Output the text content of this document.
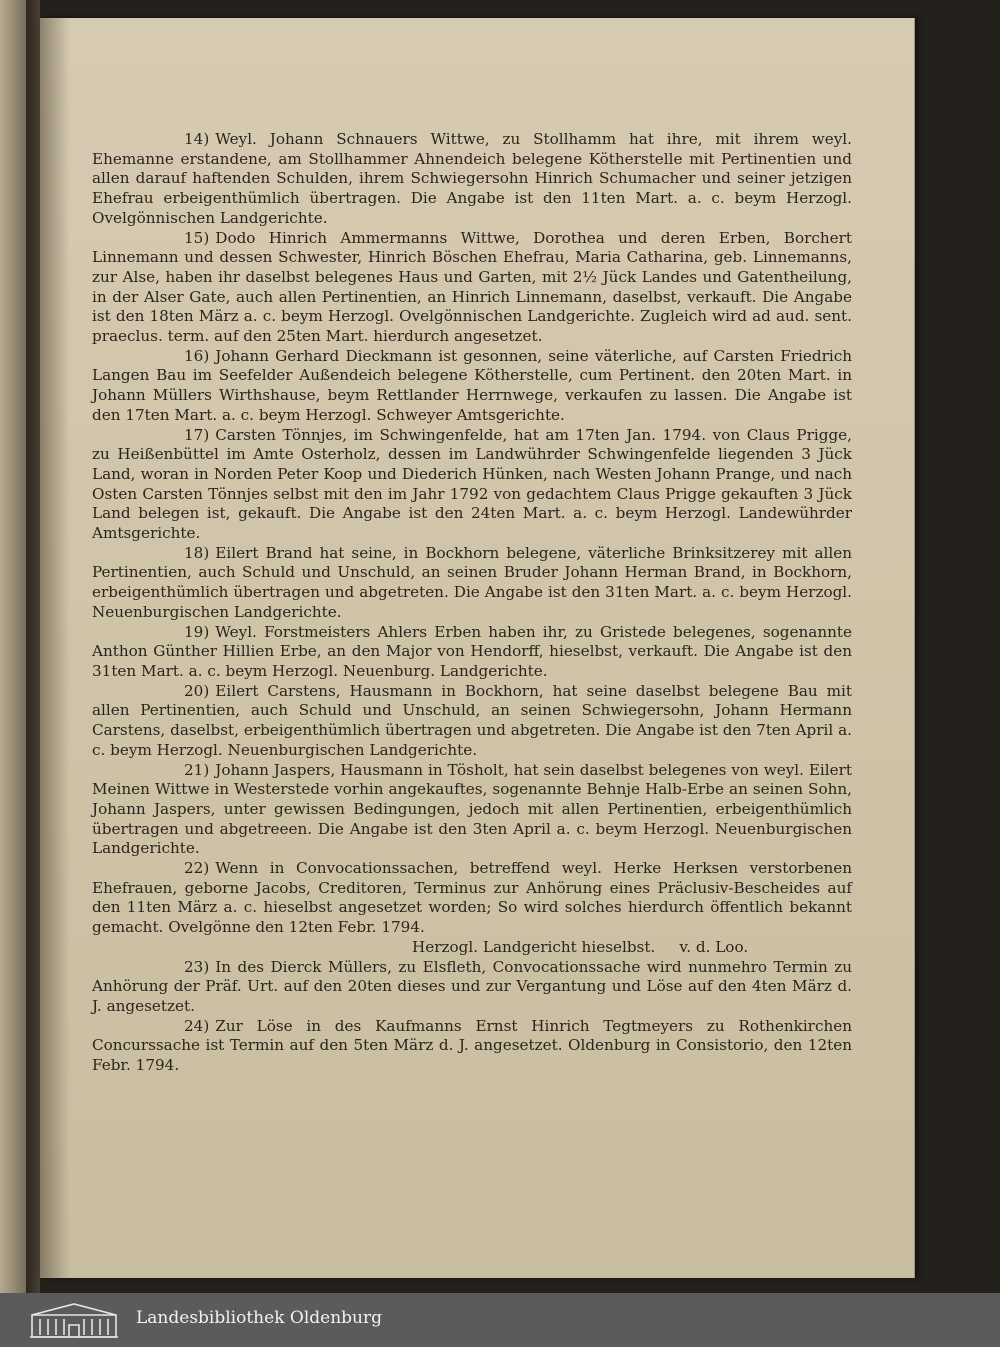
14) Weyl. Johann Schnauers Wittwe, zu Stollhamm hat ihre, mit ihrem weyl. Ehemanne erstandene, am Stollhammer Ahnendeich belegene Kötherstelle mit Pertinentien und allen darauf haftenden Schulden, ihrem Schwiegersohn Hinrich Schumacher und seiner jetzigen Ehefrau erbeigenthümlich übertragen. Die Angabe ist den 11ten Mart. a. c. beym Herzogl. Ovelgönnischen Landgerichte.

15) Dodo Hinrich Ammermanns Wittwe, Dorothea und deren Erben, Borchert Linnemann und dessen Schwester, Hinrich Böschen Ehefrau, Maria Catharina, geb. Linnemanns, zur Alse, haben ihr daselbst belegenes Haus und Garten, mit 2½ Jück Landes und Gatentheilung, in der Alser Gate, auch allen Pertinentien, an Hinrich Linnemann, daselbst, verkauft. Die Angabe ist den 18ten März a. c. beym Herzogl. Ovelgönnischen Landgerichte. Zugleich wird ad aud. sent. praeclus. term. auf den 25ten Mart. hierdurch angesetzet.

16) Johann Gerhard Dieckmann ist gesonnen, seine väterliche, auf Carsten Friedrich Langen Bau im Seefelder Außendeich belegene Kötherstelle, cum Pertinent. den 20ten Mart. in Johann Müllers Wirthshause, beym Rettlander Herrnwege, verkaufen zu lassen. Die Angabe ist den 17ten Mart. a. c. beym Herzogl. Schweyer Amtsgerichte.

17) Carsten Tönnjes, im Schwingenfelde, hat am 17ten Jan. 1794. von Claus Prigge, zu Heißenbüttel im Amte Osterholz, dessen im Landwührder Schwingenfelde liegenden 3 Jück Land, woran in Norden Peter Koop und Diederich Hünken, nach Westen Johann Prange, und nach Osten Carsten Tönnjes selbst mit den im Jahr 1792 von gedachtem Claus Prigge gekauften 3 Jück Land belegen ist, gekauft. Die Angabe ist den 24ten Mart. a. c. beym Herzogl. Landewührder Amtsgerichte.

18) Eilert Brand hat seine, in Bockhorn belegene, väterliche Brinksitzerey mit allen Pertinentien, auch Schuld und Unschuld, an seinen Bruder Johann Herman Brand, in Bockhorn, erbeigenthümlich übertragen und abgetreten. Die Angabe ist den 31ten Mart. a. c. beym Herzogl. Neuenburgischen Landgerichte.

19) Weyl. Forstmeisters Ahlers Erben haben ihr, zu Gristede belegenes, sogenannte Anthon Günther Hillien Erbe, an den Major von Hendorff, hieselbst, verkauft. Die Angabe ist den 31ten Mart. a. c. beym Herzogl. Neuenburg. Landgerichte.

20) Eilert Carstens, Hausmann in Bockhorn, hat seine daselbst belegene Bau mit allen Pertinentien, auch Schuld und Unschuld, an seinen Schwiegersohn, Johann Hermann Carstens, daselbst, erbeigenthümlich übertragen und abgetreten. Die Angabe ist den 7ten April a. c. beym Herzogl. Neuenburgischen Landgerichte.

21) Johann Jaspers, Hausmann in Tösholt, hat sein daselbst belegenes von weyl. Eilert Meinen Wittwe in Westerstede vorhin angekauftes, sogenannte Behnje Halb-Erbe an seinen Sohn, Johann Jaspers, unter gewissen Bedingungen, jedoch mit allen Pertinentien, erbeigenthümlich übertragen und abgetreeen. Die Angabe ist den 3ten April a. c. beym Herzogl. Neuenburgischen Landgerichte.

22) Wenn in Convocationssachen, betreffend weyl. Herke Herksen verstorbenen Ehefrauen, geborne Jacobs, Creditoren, Terminus zur Anhörung eines Präclusiv-Bescheides auf den 11ten März a. c. hieselbst angesetzet worden; So wird solches hierdurch öffentlich bekannt gemacht. Ovelgönne den 12ten Febr. 1794.

Herzogl. Landgericht hieselbst.     v. d. Loo.

23) In des Dierck Müllers, zu Elsfleth, Convocationssache wird nunmehro Termin zu Anhörung der Präf. Urt. auf den 20ten dieses und zur Vergantung und Löse auf den 4ten März d. J. angesetzet.

24) Zur Löse in des Kaufmanns Ernst Hinrich Tegtmeyers zu Rothenkirchen Concurssache ist Termin auf den 5ten März d. J. angesetzet. Oldenburg in Consistorio, den 12ten Febr. 1794.

Landesbibliothek Oldenburg
